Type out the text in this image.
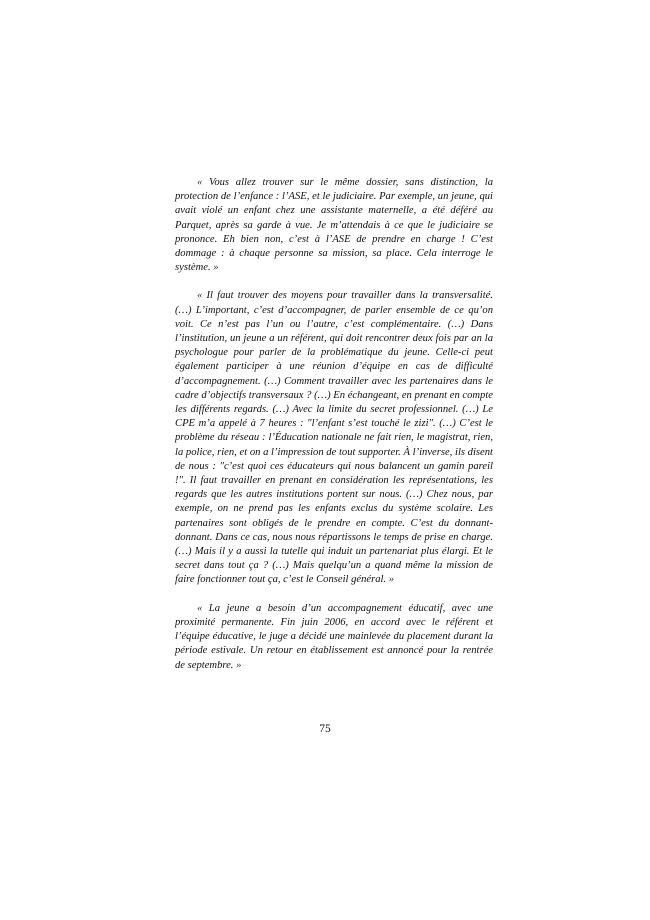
« Vous allez trouver sur le même dossier, sans distinction, la protection de l’enfance : l’ASE, et le judiciaire. Par exemple, un jeune, qui avait violé un enfant chez une assistante maternelle, a été déféré au Parquet, après sa garde à vue. Je m’attendais à ce que le judiciaire se prononce. Eh bien non, c’est à l’ASE de prendre en charge ! C’est dommage : à chaque personne sa mission, sa place. Cela interroge le système. »

« Il faut trouver des moyens pour travailler dans la transversalité. (…) L’important, c’est d’accompagner, de parler ensemble de ce qu’on voit. Ce n’est pas l’un ou l’autre, c’est complémentaire. (…) Dans l’institution, un jeune a un référent, qui doit rencontrer deux fois par an la psychologue pour parler de la problématique du jeune. Celle-ci peut également participer à une réunion d’équipe en cas de difficulté d’accompagnement. (…) Comment travailler avec les partenaires dans le cadre d’objectifs transversaux ? (…) En échangeant, en prenant en compte les différents regards. (…) Avec la limite du secret professionnel. (…) Le CPE m’a appelé à 7 heures : "l’enfant s’est touché le zizi". (…) C’est le problème du réseau : l’Éducation nationale ne fait rien, le magistrat, rien, la police, rien, et on a l’impression de tout supporter. À l’inverse, ils disent de nous : "c’est quoi ces éducateurs qui nous balancent un gamin pareil !". Il faut travailler en prenant en considération les représentations, les regards que les autres institutions portent sur nous. (…) Chez nous, par exemple, on ne prend pas les enfants exclus du système scolaire. Les partenaires sont obligés de le prendre en compte. C’est du donnant-donnant. Dans ce cas, nous nous répartissons le temps de prise en charge. (…) Mais il y a aussi la tutelle qui induit un partenariat plus élargi. Et le secret dans tout ça ? (…) Mais quelqu’un a quand même la mission de faire fonctionner tout ça, c’est le Conseil général. »

« La jeune a besoin d’un accompagnement éducatif, avec une proximité permanente. Fin juin 2006, en accord avec le référent et l’équipe éducative, le juge a décidé une mainlevée du placement durant la période estivale. Un retour en établissement est annoncé pour la rentrée de septembre. »

75
